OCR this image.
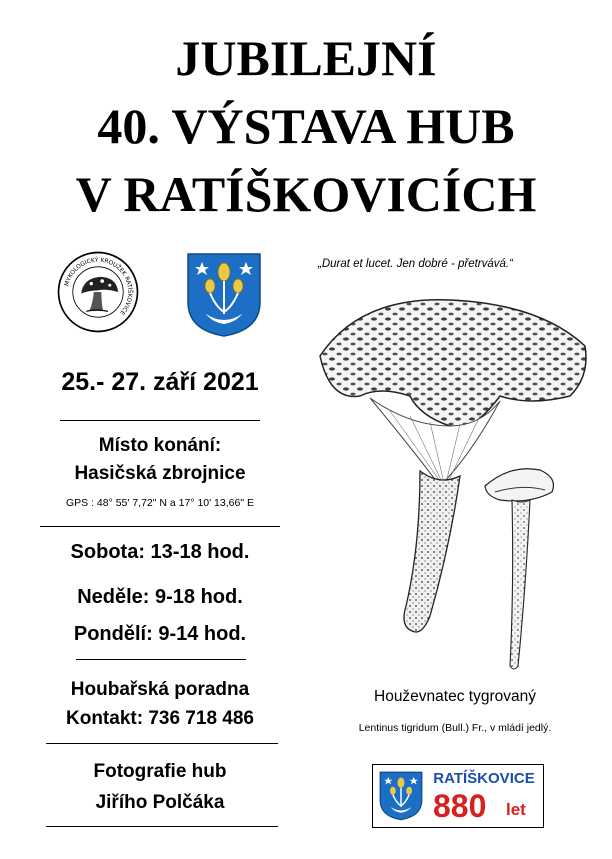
JUBILEJNÍ
40. VÝSTAVA HUB
V RATÍŠKOVICÍCH
MYKOLOGICKÝ KROUŽEK RATÍŠKOVICE
„Durat et lucet. Jen dobré - přetrvává.“
25.- 27. září 2021
Místo konání:
Hasičská zbrojnice
GPS : 48° 55' 7,72" N a 17° 10' 13,66" E
Sobota: 13-18 hod.
Neděle: 9-18 hod.
Pondělí: 9-14 hod.
Houbařská poradna
Kontakt: 736 718 486
Fotografie hub
Jiřího Polčáka
Houževnatec tygrovaný
Lentinus tigridum (Bull.) Fr., v mládí jedlý.
RATÍŠKOVICE
880 let
